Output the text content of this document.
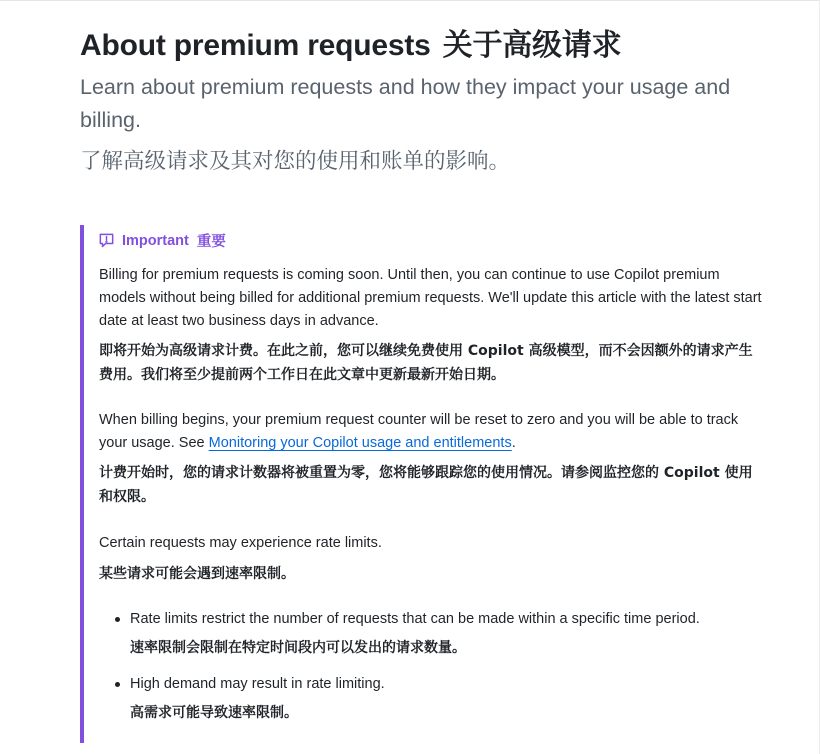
About premium requests 关于高级请求

Learn about premium requests and how they impact your usage and billing.

了解高级请求及其对您的使用和账单的影响。

Important 重要

Billing for premium requests is coming soon. Until then, you can continue to use Copilot premium models without being billed for additional premium requests. We'll update this article with the latest start date at least two business days in advance.

即将开始为高级请求计费。在此之前，您可以继续免费使用 Copilot 高级模型，而不会因额外的请求产生费用。我们将至少提前两个工作日在此文章中更新最新开始日期。

When billing begins, your premium request counter will be reset to zero and you will be able to track your usage. See Monitoring your Copilot usage and entitlements.

计费开始时，您的请求计数器将被重置为零，您将能够跟踪您的使用情况。请参阅监控您的 Copilot 使用和权限。

Certain requests may experience rate limits.

某些请求可能会遇到速率限制。

Rate limits restrict the number of requests that can be made within a specific time period.
速率限制会限制在特定时间段内可以发出的请求数量。
High demand may result in rate limiting.
高需求可能导致速率限制。
